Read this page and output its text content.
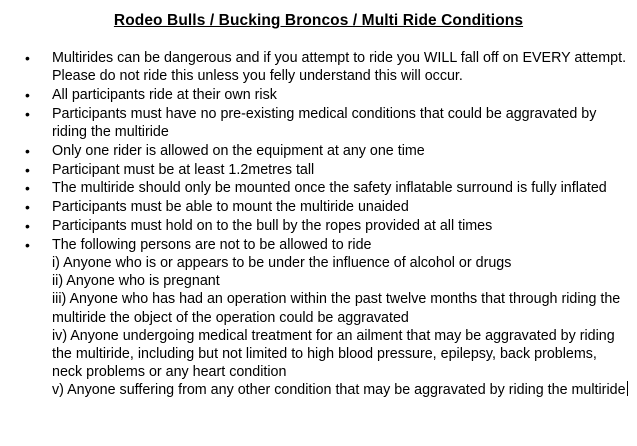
Rodeo Bulls / Bucking Broncos / Multi Ride Conditions
• Multirides can be dangerous and if you attempt to ride you WILL fall off on EVERY attempt. Please do not ride this unless you felly understand this will occur.
• All participants ride at their own risk
• Participants must have no pre-existing medical conditions that could be aggravated by riding the multiride
• Only one rider is allowed on the equipment at any one time
• Participant must be at least 1.2metres tall
• The multiride should only be mounted once the safety inflatable surround is fully inflated
• Participants must be able to mount the multiride unaided
• Participants must hold on to the bull by the ropes provided at all times
• The following persons are not to be allowed to ride
i) Anyone who is or appears to be under the influence of alcohol or drugs
ii) Anyone who is pregnant
iii) Anyone who has had an operation within the past twelve months that through riding the multiride the object of the operation could be aggravated
iv) Anyone undergoing medical treatment for an ailment that may be aggravated by riding the multiride, including but not limited to high blood pressure, epilepsy, back problems, neck problems or any heart condition
v) Anyone suffering from any other condition that may be aggravated by riding the multiride
